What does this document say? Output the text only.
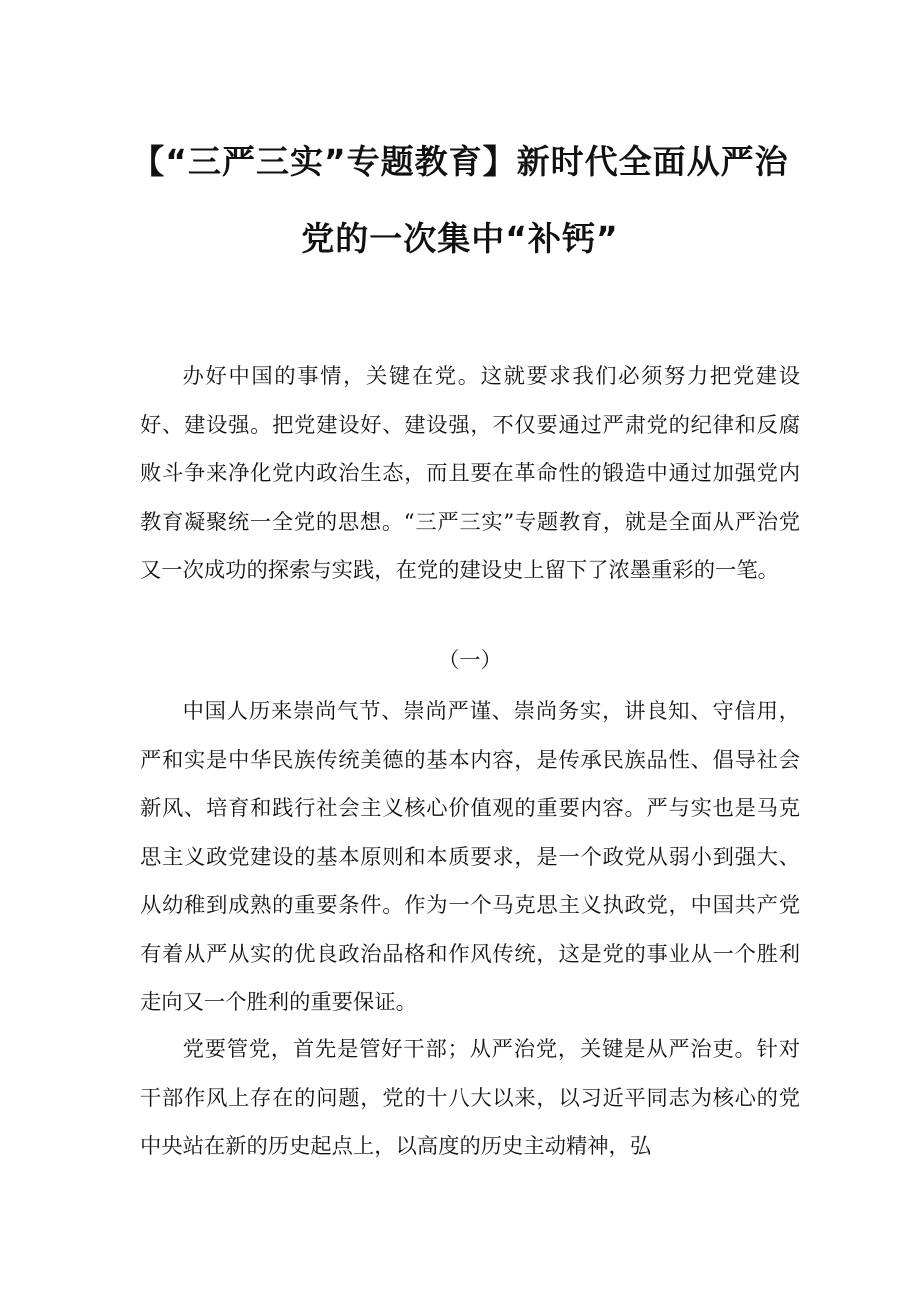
【“三严三实”专题教育】新时代全面从严治
党的一次集中“补钙”

办好中国的事情，关键在党。这就要求我们必须努力把党建设好、建设强。把党建设好、建设强，不仅要通过严肃党的纪律和反腐败斗争来净化党内政治生态，而且要在革命性的锻造中通过加强党内教育凝聚统一全党的思想。“三严三实”专题教育，就是全面从严治党又一次成功的探索与实践，在党的建设史上留下了浓墨重彩的一笔。

（一）

中国人历来崇尚气节、崇尚严谨、崇尚务实，讲良知、守信用，严和实是中华民族传统美德的基本内容，是传承民族品性、倡导社会新风、培育和践行社会主义核心价值观的重要内容。严与实也是马克思主义政党建设的基本原则和本质要求，是一个政党从弱小到强大、从幼稚到成熟的重要条件。作为一个马克思主义执政党，中国共产党有着从严从实的优良政治品格和作风传统，这是党的事业从一个胜利走向又一个胜利的重要保证。

党要管党，首先是管好干部；从严治党，关键是从严治吏。针对干部作风上存在的问题，党的十八大以来，以习近平同志为核心的党中央站在新的历史起点上，以高度的历史主动精神，弘
